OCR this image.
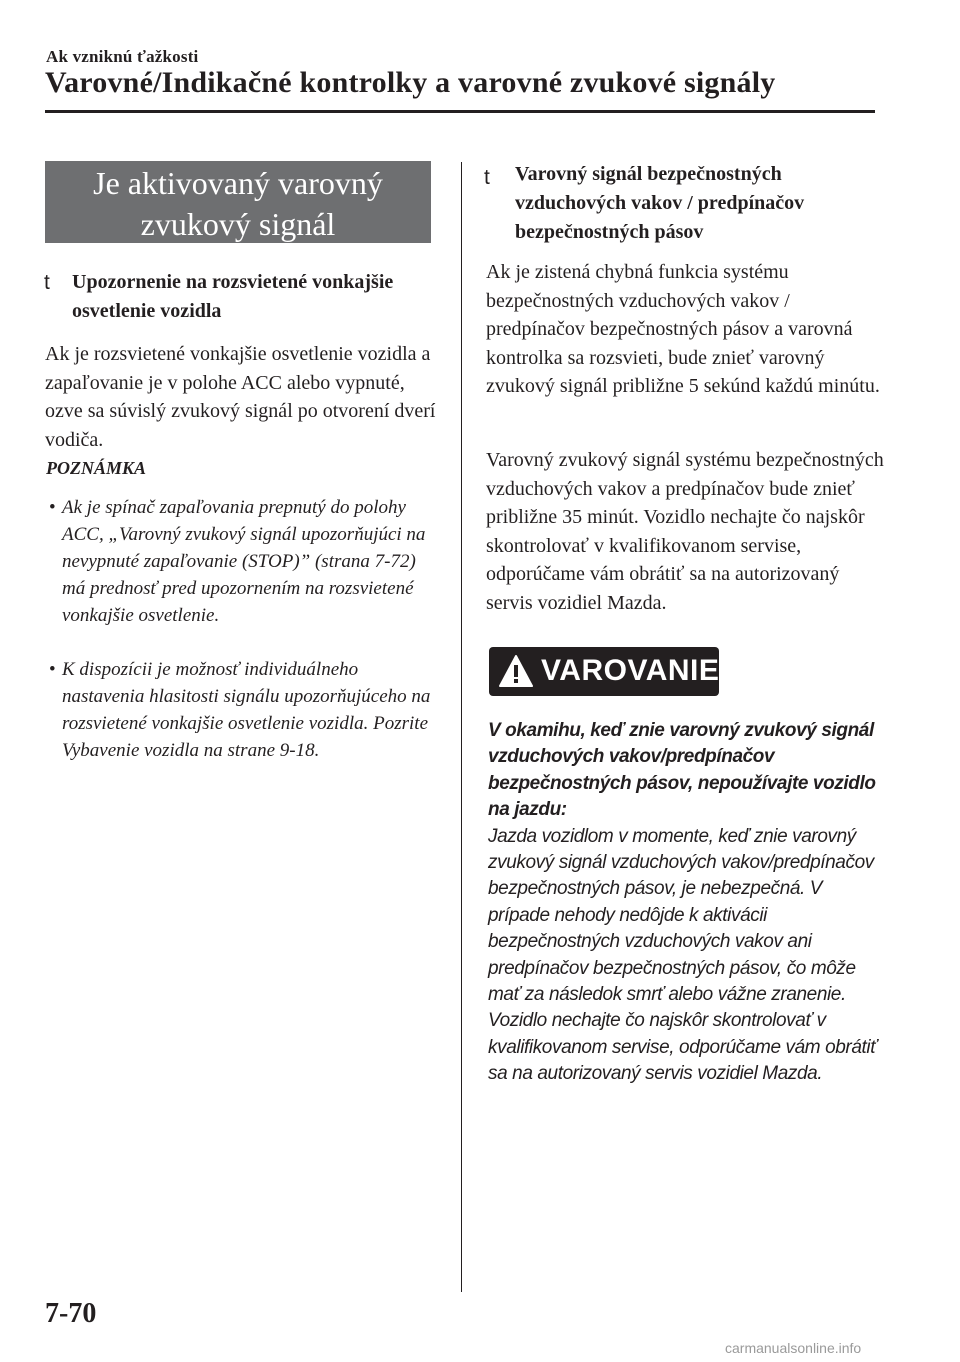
Ak vzniknú ťažkosti
Varovné/Indikačné kontrolky a varovné zvukové signály
Je aktivovaný varovný
zvukový signál
t Upozornenie na rozsvietené vonkajšie osvetlenie vozidla
Ak je rozsvietené vonkajšie osvetlenie vozidla a zapaľovanie je v polohe ACC alebo vypnuté, ozve sa súvislý zvukový signál po otvorení dverí vodiča.
POZNÁMKA
• Ak je spínač zapaľovania prepnutý do polohy ACC, „Varovný zvukový signál upozorňujúci na nevypnuté zapaľovanie (STOP)” (strana 7-72) má prednosť pred upozornením na rozsvietené vonkajšie osvetlenie.
• K dispozícii je možnosť individuálneho nastavenia hlasitosti signálu upozorňujúceho na rozsvietené vonkajšie osvetlenie vozidla. Pozrite Vybavenie vozidla na strane 9-18.
t Varovný signál bezpečnostných vzduchových vakov / predpínačov bezpečnostných pásov
Ak je zistená chybná funkcia systému bezpečnostných vzduchových vakov / predpínačov bezpečnostných pásov a varovná kontrolka sa rozsvieti, bude znieť varovný zvukový signál približne 5 sekúnd každú minútu.
Varovný zvukový signál systému bezpečnostných vzduchových vakov a predpínačov bude znieť približne 35 minút. Vozidlo nechajte čo najskôr skontrolovať v kvalifikovanom servise, odporúčame vám obrátiť sa na autorizovaný servis vozidiel Mazda.
VAROVANIE
V okamihu, keď znie varovný zvukový signál vzduchových vakov/predpínačov bezpečnostných pásov, nepoužívajte vozidlo na jazdu:
Jazda vozidlom v momente, keď znie varovný zvukový signál vzduchových vakov/predpínačov bezpečnostných pásov, je nebezpečná. V prípade nehody nedôjde k aktivácii bezpečnostných vzduchových vakov ani predpínačov bezpečnostných pásov, čo môže mať za následok smrť alebo vážne zranenie. Vozidlo nechajte čo najskôr skontrolovať v kvalifikovanom servise, odporúčame vám obrátiť sa na autorizovaný servis vozidiel Mazda.
7-70
carmanualsonline.info
